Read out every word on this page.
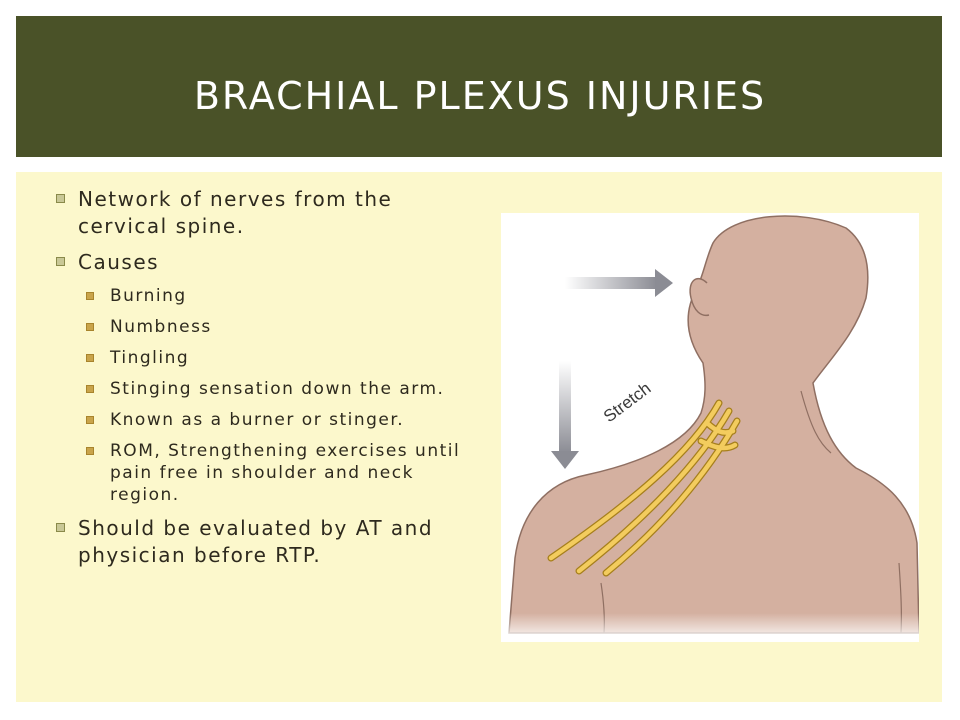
BRACHIAL PLEXUS INJURIES
Network of nerves from the cervical spine.
Causes
Burning
Numbness
Tingling
Stinging sensation down the arm.
Known as a burner or stinger.
ROM, Strengthening exercises until pain free in shoulder and neck region.
Should be evaluated by AT and physician before RTP.
Stretch
